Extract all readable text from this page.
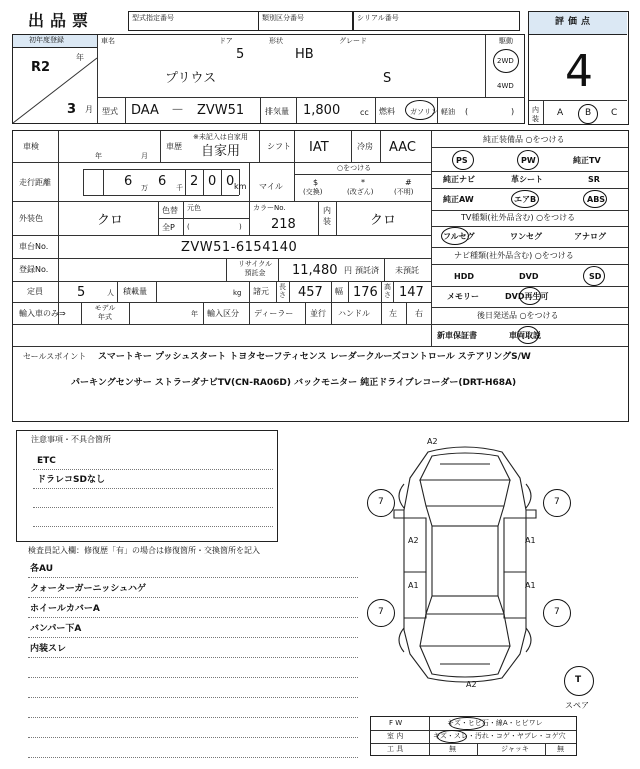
出品票	型式指定番号	類別区分番号	シリアル番号	評価点
4
内装
A B C
初年度登録
R2
年
3 月
車名	ドア
5
形状
HB
グレード
プリウス	S
駆動
2WD
4WD
型式 DAA － ZVW51	排気量 1,800 cc 燃料 ガソリン 軽油 (	)
車検
年	月
車歴
※未記入は自家用
自家用	シフト IAT	冷房 AAC
走行距離	6 万 6 千 2 0 0 km マイル
○をつける
$
(交換)
*
(改ざん)
#
(不明)
外装色	クロ
色替
全P
元色
(	)
カラーNo.
218
内装	クロ
車台No.	ZVW51-6154140
登録No.
リサイクル預託金	11,480 円 預託済 未預託
定員	5	人 積載量	kg 諸元 長さ 457 幅 176 高さ 147
輸入車のみ⇒
モデル年式	年 輸入区分 ディーラー 並行 ハンドル 左 右
純正装備品 ○をつける
PS	PW	純正TV
純正ナビ	革シート	SR
純正AW	エアB	ABS
TV種類(社外品含む) ○をつける
フルセグ	ワンセグ	アナログ
ナビ種類(社外品含む) ○をつける
HDD	DVD	SD
メモリー	DVD再生可
後日発送品 ○をつける
新車保証書	車両取説
セールスポイント スマートキー プッシュスタート トヨタセーフティセンス レーダークルーズコントロール ステアリングS/W
パーキングセンサー ストラーダナビTV(CN-RA06D) バックモニター 純正ドライブレコーダー(DRT-H68A)
注意事項・不具合箇所
ETC
ドラレコSDなし
検査員記入欄：修復歴「有」の場合は修復箇所・交換箇所を記入
各AU
クォーターガーニッシュハゲ
ホイールカバーA
バンパー下A
内装スレ
A2
A2
A1
A1
A1
A2
7	7
7	7
T
スペア
F W	キズ・ヒビ石・線A・ヒビワレ
室 内	キズ・スレ・汚れ・コゲ・ヤブレ・コゲ穴
工 具	無	ジャッキ	無
